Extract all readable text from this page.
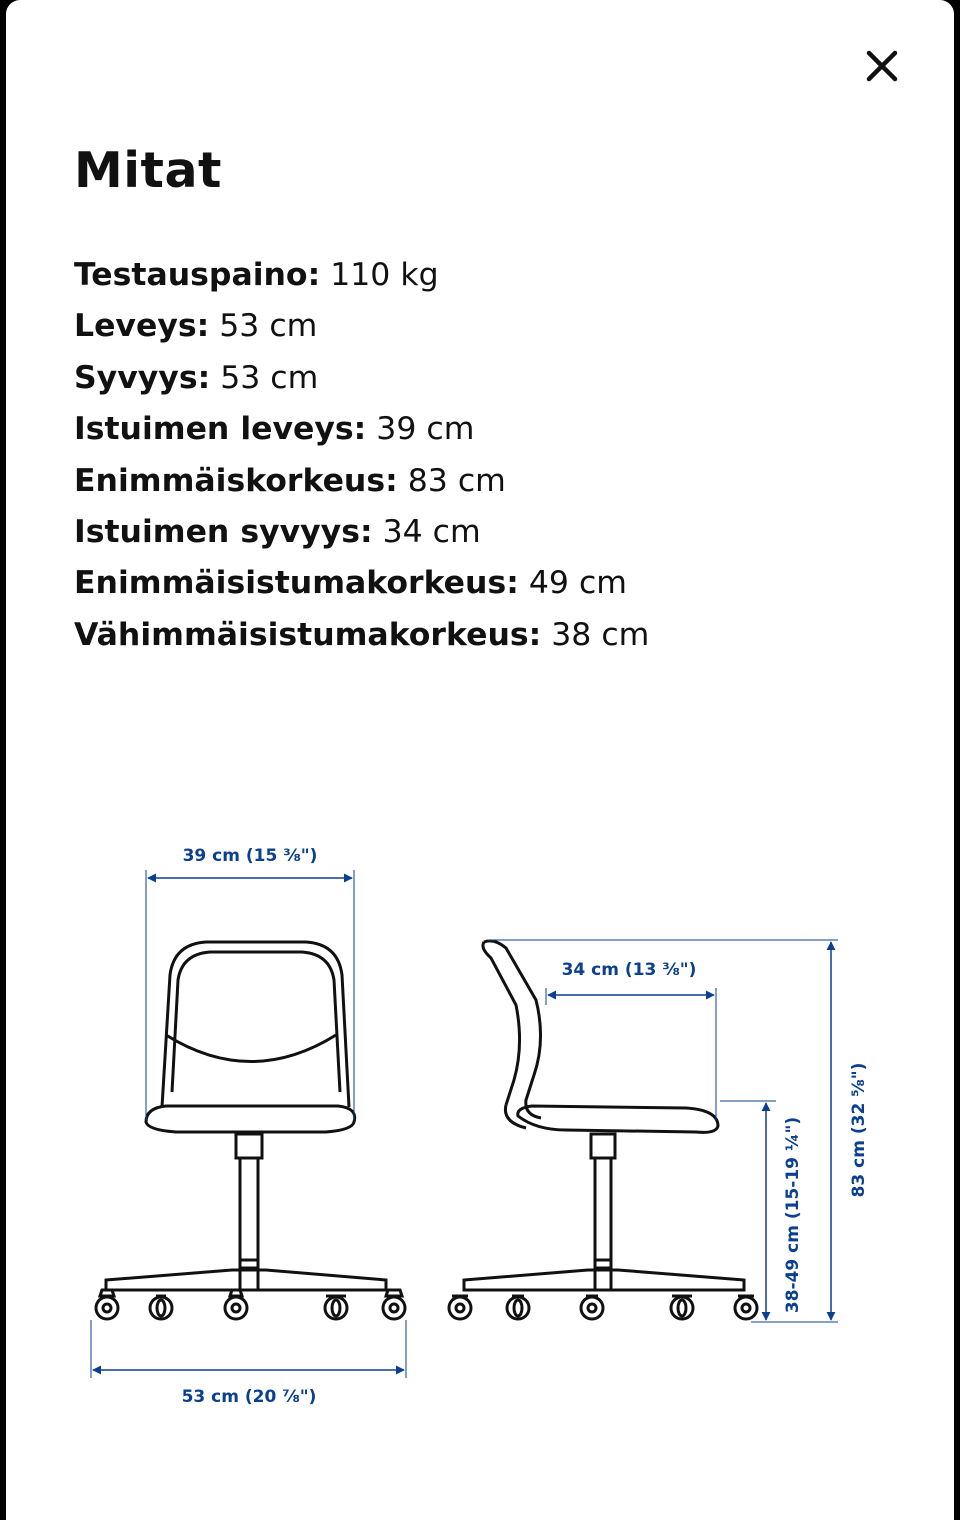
Mitat
Testauspaino: 110 kg
Leveys: 53 cm
Syvyys: 53 cm
Istuimen leveys: 39 cm
Enimmäiskorkeus: 83 cm
Istuimen syvyys: 34 cm
Enimmäisistumakorkeus: 49 cm
Vähimmäisistumakorkeus: 38 cm
39 cm (15 ⅜")
53 cm (20 ⅞")
34 cm (13 ⅜")
38-49 cm (15-19 ¼")	83 cm (32 ⅝")
